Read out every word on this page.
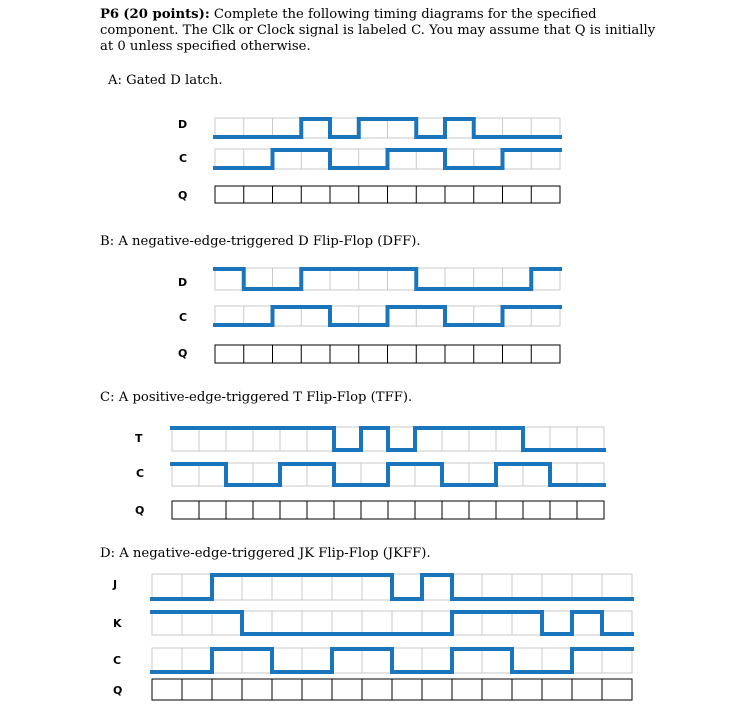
P6 (20 points): Complete the following timing diagrams for the specified component. The Clk or Clock signal is labeled C. You may assume that Q is initially at 0 unless specified otherwise.
A: Gated D latch.
B: A negative-edge-triggered D Flip-Flop (DFF).
C: A positive-edge-triggered T Flip-Flop (TFF).
D: A negative-edge-triggered JK Flip-Flop (JKFF).
D
C
Q
D
C
Q
T
C
Q
J
K
C
Q
